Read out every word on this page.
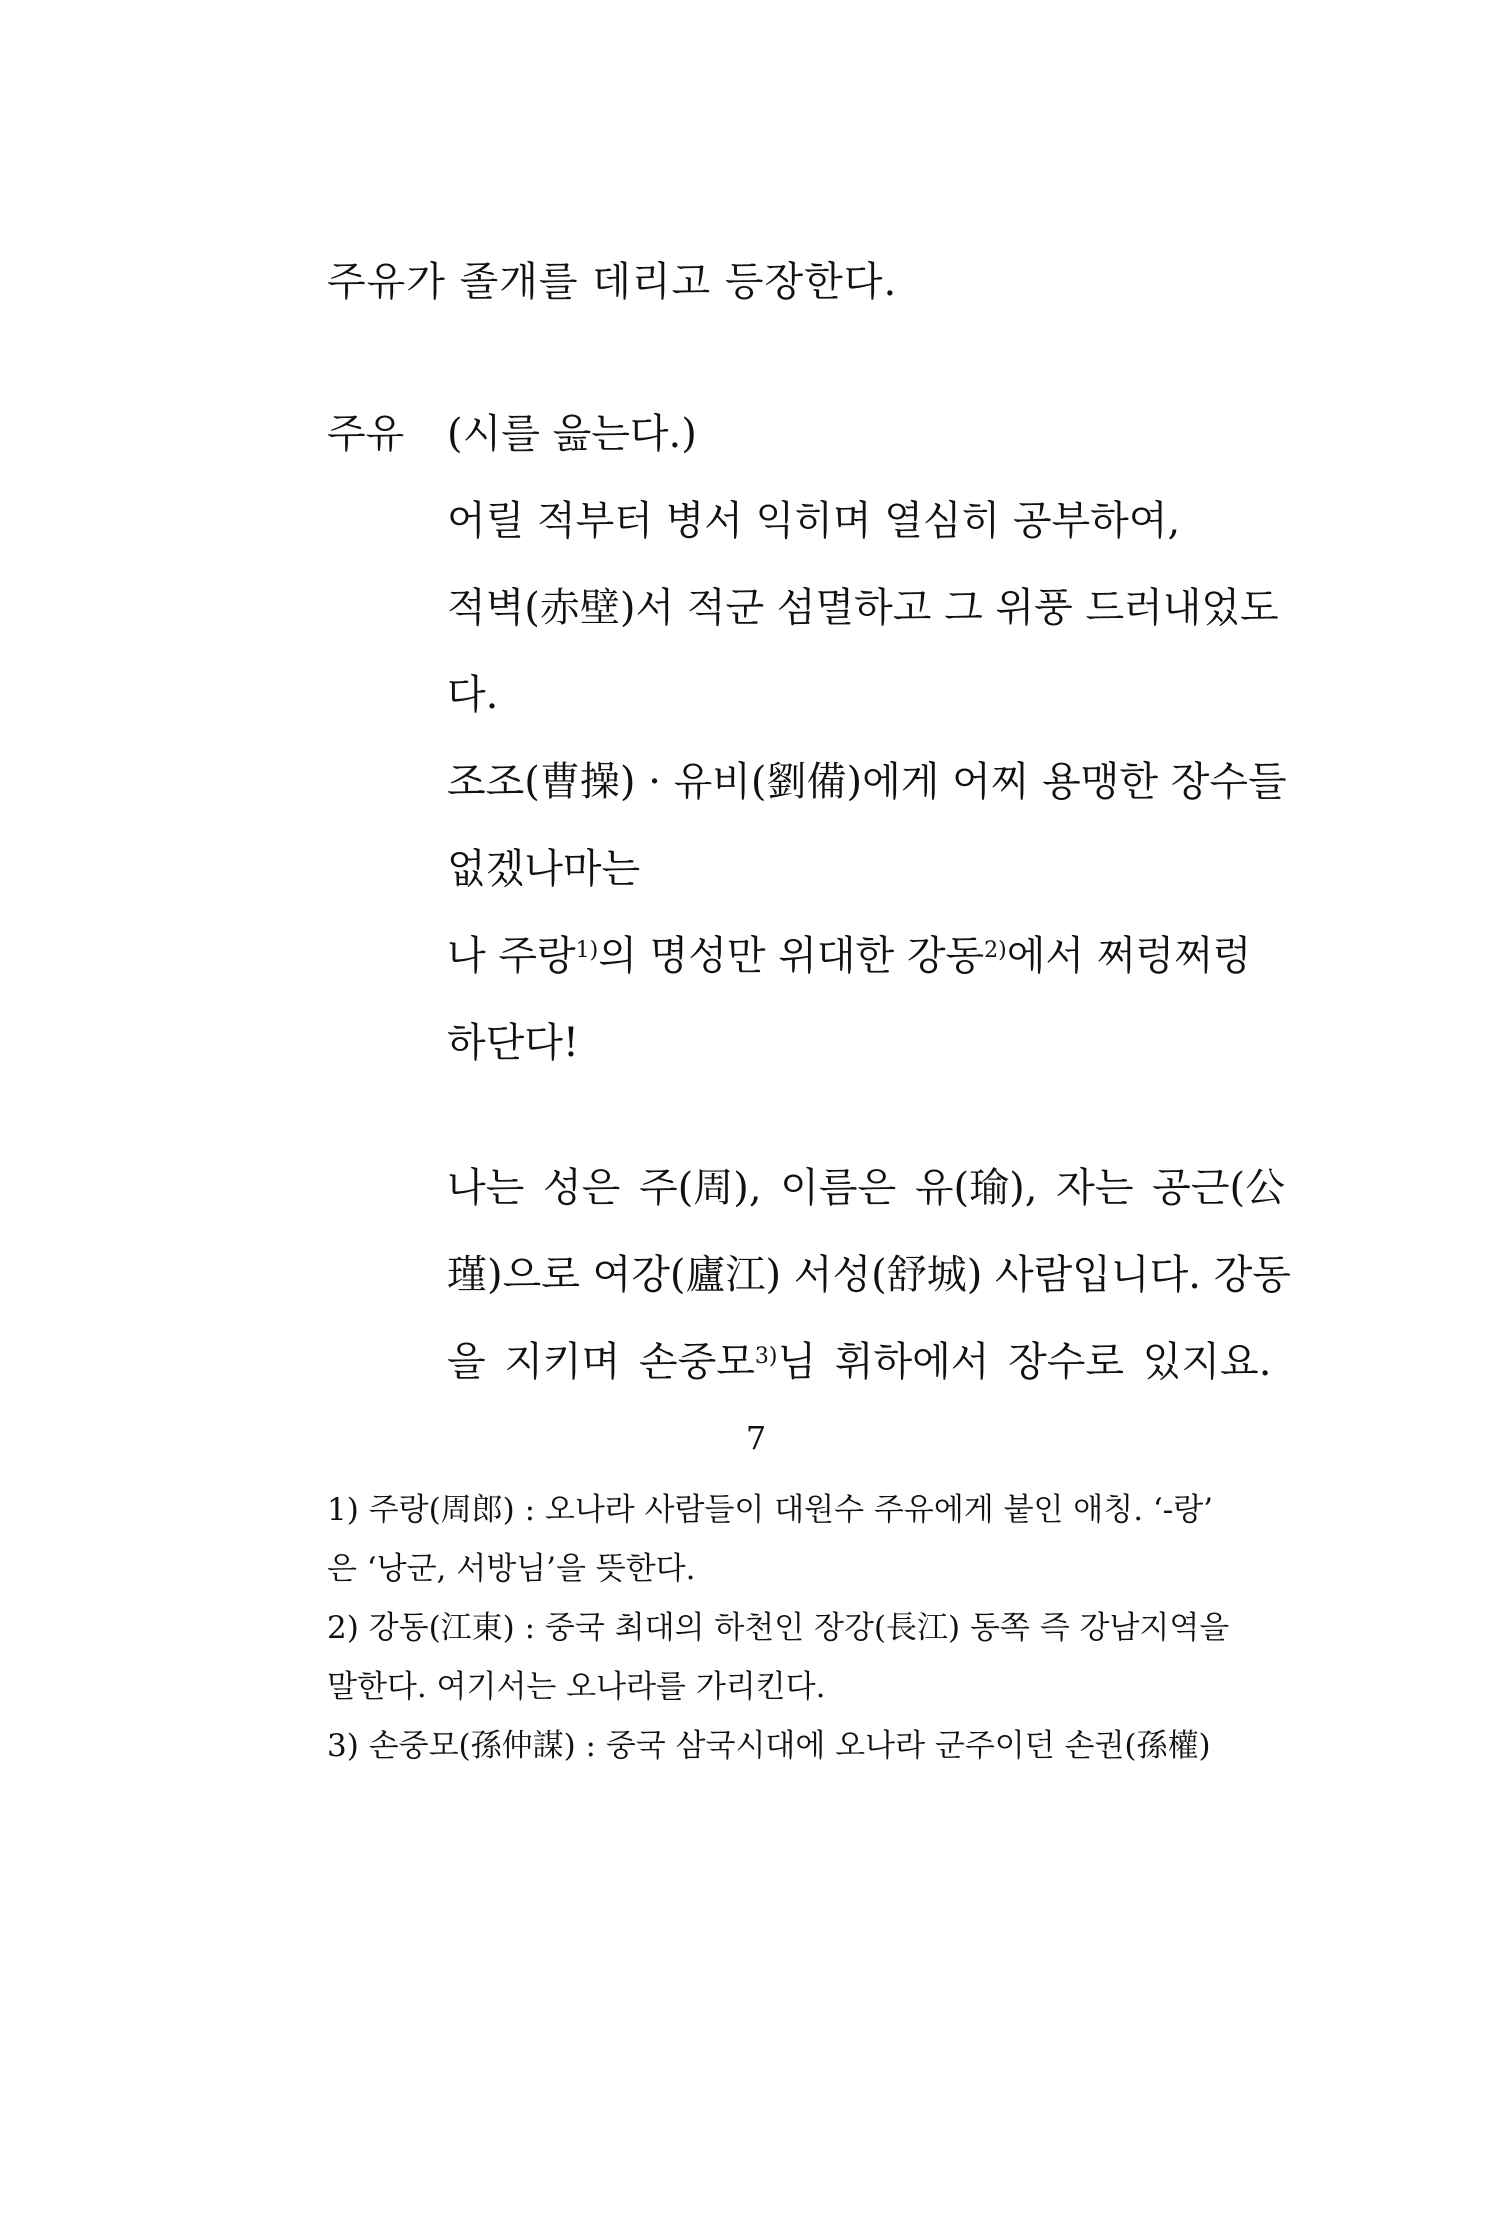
주유가 졸개를 데리고 등장한다.
주유 (시를 읊는다.)
어릴 적부터 병서 익히며 열심히 공부하여,
적벽(赤壁)서 적군 섬멸하고 그 위풍 드러내었도
다.
조조(曹操) · 유비(劉備)에게 어찌 용맹한 장수들
없겠나마는
나 주랑$^{1)}$의 명성만 위대한 강동$^{2)}$에서 쩌렁쩌렁
하단다!
나는 성은 주(周), 이름은 유(瑜), 자는 공근(公
瑾)으로 여강(廬江) 서성(舒城) 사람입니다. 강동
을 지키며 손중모$^{3)}$님 휘하에서 장수로 있지요.
1) 주랑(周郎) : 오나라 사람들이 대원수 주유에게 붙인 애칭. ‘-랑’
은 ‘낭군, 서방님’을 뜻한다.
2) 강동(江東) : 중국 최대의 하천인 장강(長江) 동쪽 즉 강남지역을
말한다. 여기서는 오나라를 가리킨다.
3) 손중모(孫仲謀) : 중국 삼국시대에 오나라 군주이던 손권(孫權)
7
